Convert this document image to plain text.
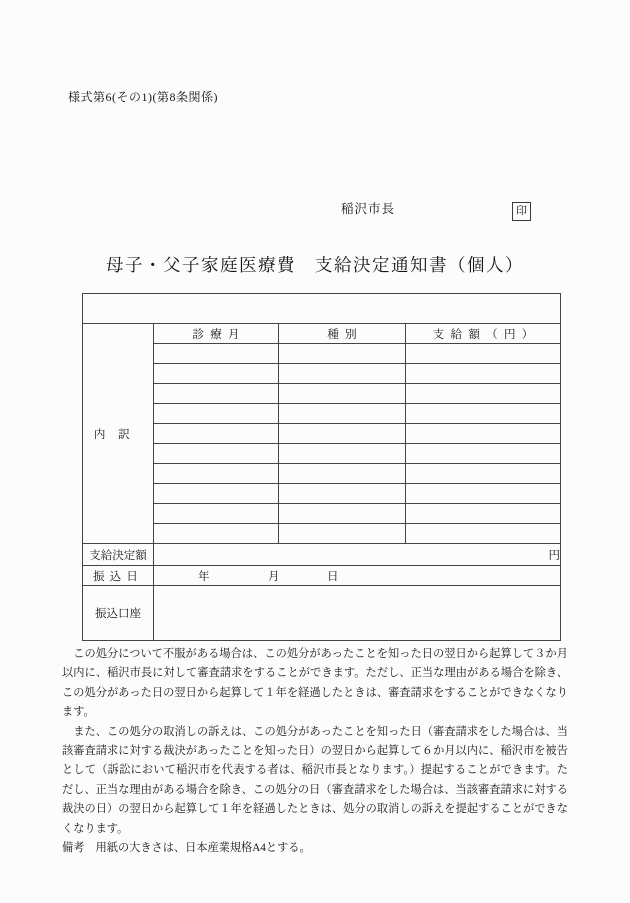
様式第6(その1)(第8条関係)
稲沢市長	印
母子・父子家庭医療費　支給決定通知書（個人）

内訳	診療月	種別	支給額（円）

支給決定額	円		
振込日	年 月 日		

振込口座			

　この処分について不服がある場合は、この処分があったことを知った日の翌日から起算して３か月以内に、稲沢市長に対して審査請求をすることができます。ただし、正当な理由がある場合を除き、この処分があった日の翌日から起算して１年を経過したときは、審査請求をすることができなくなります。

　また、この処分の取消しの訴えは、この処分があったことを知った日（審査請求をした場合は、当該審査請求に対する裁決があったことを知った日）の翌日から起算して６か月以内に、稲沢市を被告として（訴訟において稲沢市を代表する者は、稲沢市長となります。）提起することができます。ただし、正当な理由がある場合を除き、この処分の日（審査請求をした場合は、当該審査請求に対する裁決の日）の翌日から起算して１年を経過したときは、処分の取消しの訴えを提起することができなくなります。

備考 用紙の大きさは、日本産業規格A4とする。
